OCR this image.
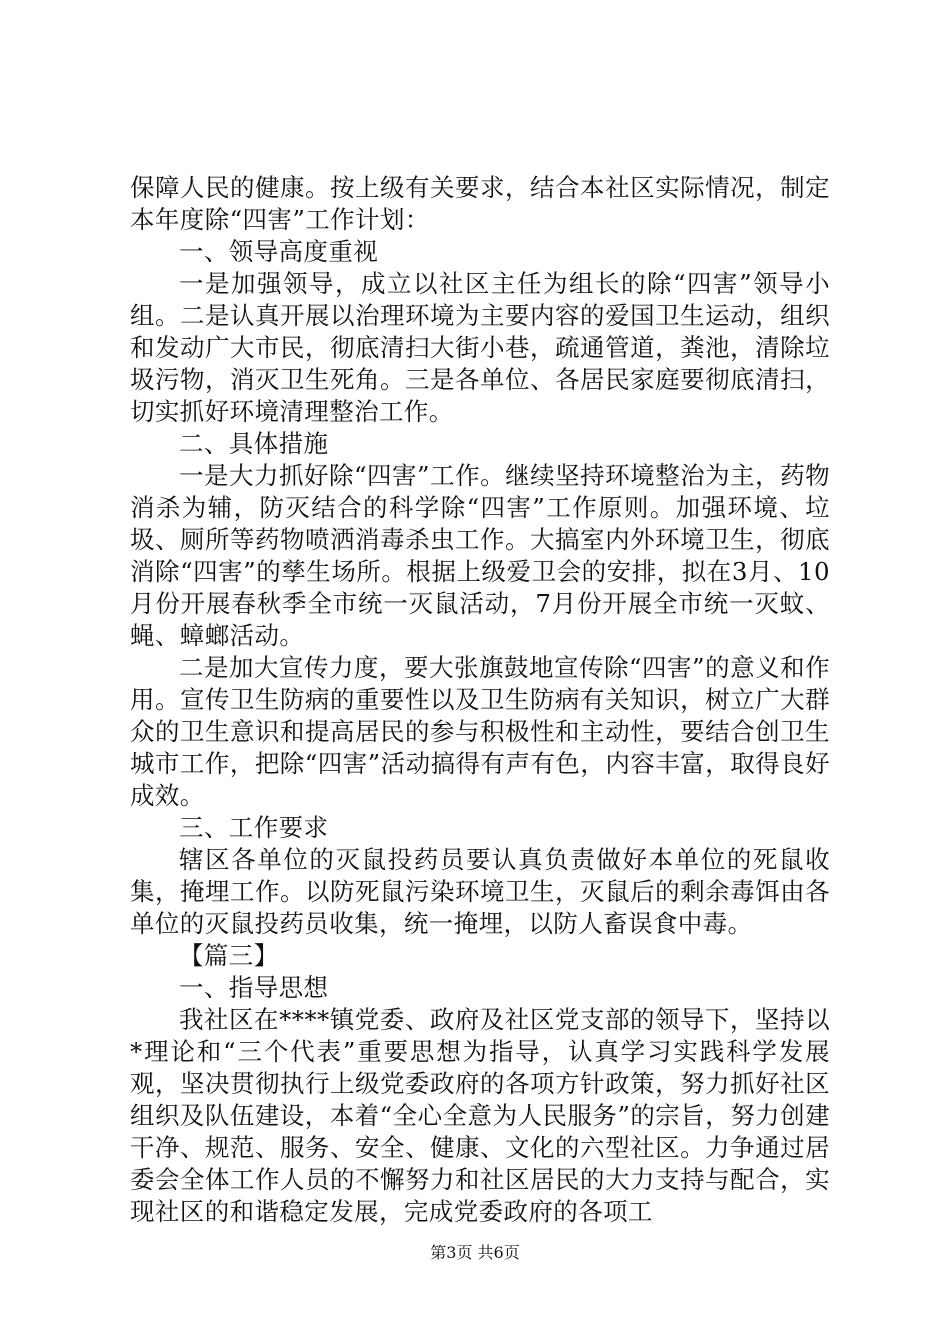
保障人民的健康。按上级有关要求，结合本社区实际情况，制定本年度除“四害”工作计划：

一、领导高度重视

一是加强领导，成立以社区主任为组长的除“四害”领导小组。二是认真开展以治理环境为主要内容的爱国卫生运动，组织和发动广大市民，彻底清扫大街小巷，疏通管道，粪池，清除垃圾污物，消灭卫生死角。三是各单位、各居民家庭要彻底清扫，切实抓好环境清理整治工作。

二、具体措施

一是大力抓好除“四害”工作。继续坚持环境整治为主，药物消杀为辅，防灭结合的科学除“四害”工作原则。加强环境、垃圾、厕所等药物喷洒消毒杀虫工作。大搞室内外环境卫生，彻底消除“四害”的孳生场所。根据上级爱卫会的安排，拟在3月、10月份开展春秋季全市统一灭鼠活动，7月份开展全市统一灭蚊、蝇、蟑螂活动。

二是加大宣传力度，要大张旗鼓地宣传除“四害”的意义和作用。宣传卫生防病的重要性以及卫生防病有关知识，树立广大群众的卫生意识和提高居民的参与积极性和主动性，要结合创卫生城市工作，把除“四害”活动搞得有声有色，内容丰富，取得良好成效。

三、工作要求

辖区各单位的灭鼠投药员要认真负责做好本单位的死鼠收集，掩埋工作。以防死鼠污染环境卫生，灭鼠后的剩余毒饵由各单位的灭鼠投药员收集，统一掩埋，以防人畜误食中毒。

【篇三】

一、指导思想

我社区在****镇党委、政府及社区党支部的领导下，坚持以*理论和“三个代表”重要思想为指导，认真学习实践科学发展观，坚决贯彻执行上级党委政府的各项方针政策，努力抓好社区组织及队伍建设，本着“全心全意为人民服务”的宗旨，努力创建干净、规范、服务、安全、健康、文化的六型社区。力争通过居委会全体工作人员的不懈努力和社区居民的大力支持与配合，实现社区的和谐稳定发展，完成党委政府的各项工

第3页 共6页
